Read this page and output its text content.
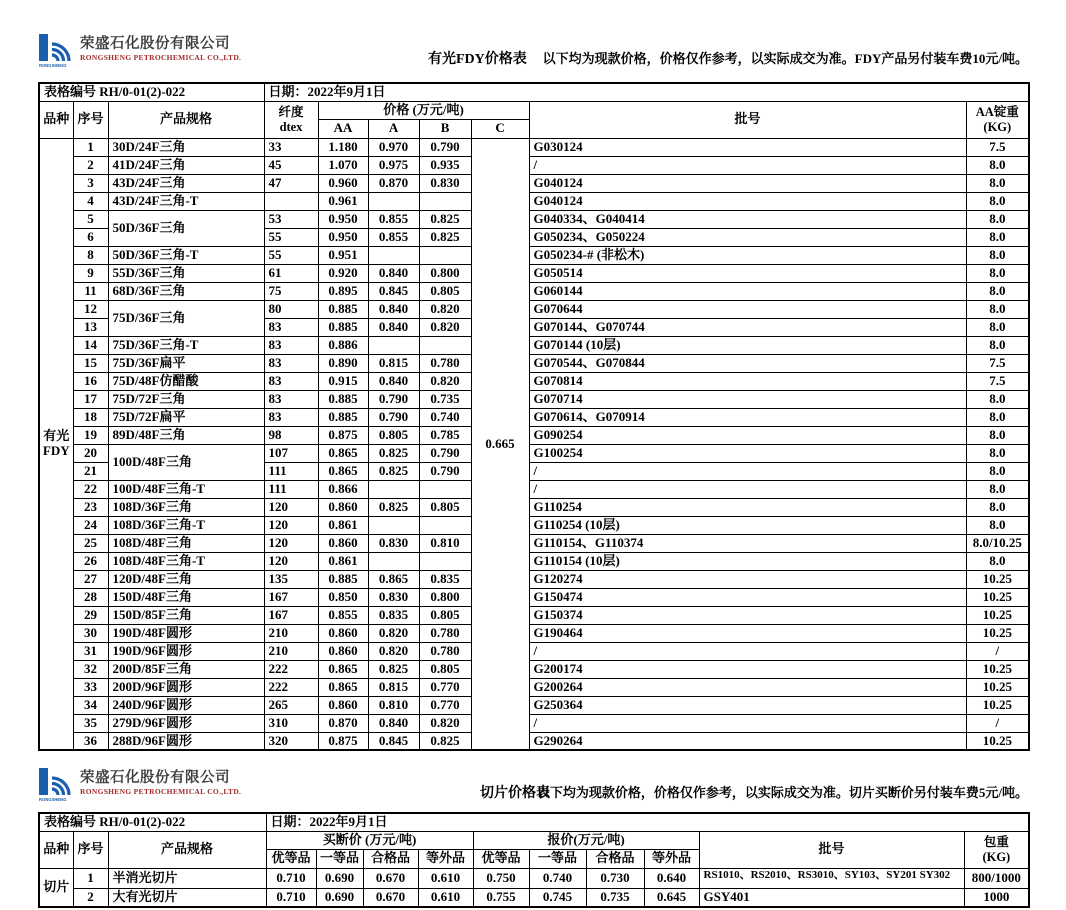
RONGSHENG
荣盛石化股份有限公司
RONGSHENG PETROCHEMICAL CO.,LTD.	有光FDY价格表 以下均为现款价格，价格仅作参考，以实际成交为准。FDY产品另付装车费10元/吨。
表格编号 RH/0-01(2)-022			日期：2022年9月1日						
品种	序号	产品规格	纤度
dtex
	价格 (万元/吨)	批号	AA锭重
(KG)

				AA	A	B	C		

有光
FDY	1	30D/24F三角	33	1.180	0.970	0.790	0.665	G030124	7.5
	2	41D/24F三角	45	1.070	0.975	0.935		/	8.0
	3	43D/24F三角	47	0.960	0.870	0.830		G040124	8.0
	4	43D/24F三角-T		0.961				G040124	8.0
	5	50D/36F三角	53	0.950	0.855	0.825		G040334、G040414	8.0
	6		55	0.950	0.855	0.825		G050234、G050224	8.0
	8	50D/36F三角-T	55	0.951				G050234-# (非松木)	8.0
	9	55D/36F三角	61	0.920	0.840	0.800		G050514	8.0
	11	68D/36F三角	75	0.895	0.845	0.805		G060144	8.0
	12	75D/36F三角	80	0.885	0.840	0.820		G070644	8.0
	13		83	0.885	0.840	0.820		G070144、G070744	8.0
	14	75D/36F三角-T	83	0.886				G070144 (10层)	8.0
	15	75D/36F扁平	83	0.890	0.815	0.780		G070544、G070844	7.5
	16	75D/48F仿醋酸	83	0.915	0.840	0.820		G070814	7.5
	17	75D/72F三角	83	0.885	0.790	0.735		G070714	8.0
	18	75D/72F扁平	83	0.885	0.790	0.740		G070614、G070914	8.0
	19	89D/48F三角	98	0.875	0.805	0.785		G090254	8.0
	20	100D/48F三角	107	0.865	0.825	0.790		G100254	8.0
	21		111	0.865	0.825	0.790		/	8.0
	22	100D/48F三角-T	111	0.866				/	8.0
	23	108D/36F三角	120	0.860	0.825	0.805		G110254	8.0
	24	108D/36F三角-T	120	0.861				G110254 (10层)	8.0
	25	108D/48F三角	120	0.860	0.830	0.810		G110154、G110374	8.0/10.25
	26	108D/48F三角-T	120	0.861				G110154 (10层)	8.0
	27	120D/48F三角	135	0.885	0.865	0.835		G120274	10.25
	28	150D/48F三角	167	0.850	0.830	0.800		G150474	10.25
	29	150D/85F三角	167	0.855	0.835	0.805		G150374	10.25
	30	190D/48F圆形	210	0.860	0.820	0.780		G190464	10.25
	31	190D/96F圆形	210	0.860	0.820	0.780		/	/
	32	200D/85F三角	222	0.865	0.825	0.805		G200174	10.25
	33	200D/96F圆形	222	0.865	0.815	0.770		G200264	10.25
	34	240D/96F圆形	265	0.860	0.810	0.770		G250364	10.25
	35	279D/96F圆形	310	0.870	0.840	0.820		/	/
	36	288D/96F圆形	320	0.875	0.845	0.825		G290264	10.25
RONGSHENG
荣盛石化股份有限公司
RONGSHENG PETROCHEMICAL CO.,LTD.	切片价格表
以下均为现款价格，价格仅作参考，以实际成交为准。切片买断价另付装车费5元/吨。
表格编号 RH/0-01(2)-022			日期：2022年9月1日									
品种	序号	产品规格	买断价 (万元/吨)				报价(万元/吨)				批号	包重
(KG)

			优等品	一等品	合格品	等外品	优等品	一等品	合格品	等外品		
切片	1	半消光切片	0.710	0.690	0.670	0.610	0.750	0.740	0.730	0.640	RS1010、RS2010、RS3010、SY103、SY201 SY302	800/1000
	2	大有光切片	0.710	0.690	0.670	0.610	0.755	0.745	0.735	0.645	GSY401	1000
